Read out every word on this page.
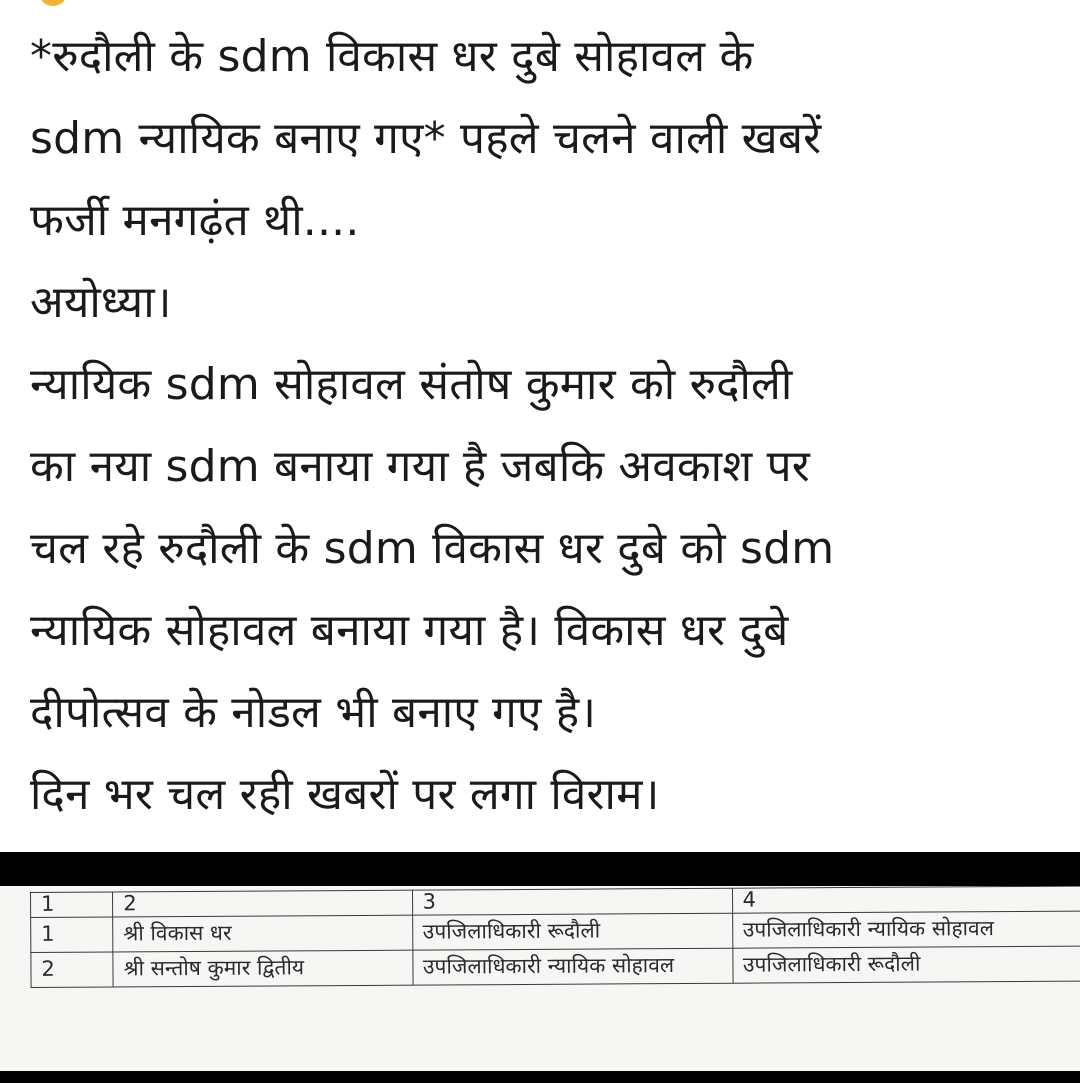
*रुदौली के sdm विकास धर दुबे सोहावल के
sdm न्यायिक बनाए गए* पहले चलने वाली खबरें
फर्जी मनगढ़ंत थी....
अयोध्या।
न्यायिक sdm सोहावल संतोष कुमार को रुदौली
का नया sdm बनाया गया है जबकि अवकाश पर
चल रहे रुदौली के sdm विकास धर दुबे को sdm
न्यायिक सोहावल बनाया गया है। विकास धर दुबे
दीपोत्सव के नोडल भी बनाए गए है।
दिन भर चल रही खबरों पर लगा विराम।
1	2	3	4
1	श्री विकास धर	उपजिलाधिकारी रूदौली	उपजिलाधिकारी न्यायिक सोहावल
2	श्री सन्तोष कुमार द्वितीय	उपजिलाधिकारी न्यायिक सोहावल	उपजिलाधिकारी रूदौली
